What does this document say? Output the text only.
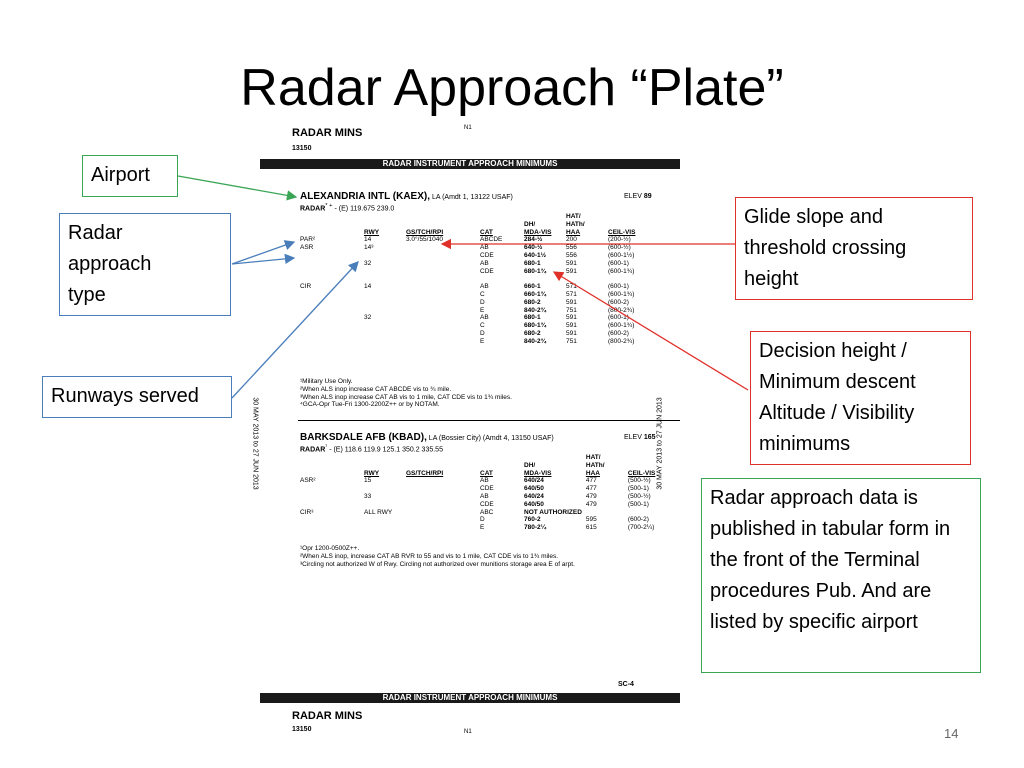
Radar Approach “Plate”
RADAR MINS
13150
N1
RADAR INSTRUMENT APPROACH MINIMUMS
ALEXANDRIA INTL (KAEX), LA (Amdt 1, 13122 USAF)	ELEV 89
RADAR* + - (E) 119.675 239.0
	RWY	GS/TCH/RPI	CAT	DH/
MDA-VIS	HAT/
HATh/
HAA	CEIL-VIS
PAR²	14	3.0°/55/1040	ABCDE	284-½	200	(200-½)
ASR	14³		AB	640-½	556	(600-½)
			CDE	640-1½	556	(600-1½)
	32		AB	680-1	591	(600-1)
			CDE	680-1¾	591	(600-1¾)

CIR	14		AB	660-1	571	(600-1)
			C	660-1¾	571	(600-1¾)
			D	680-2	591	(600-2)
			E	840-2¾	751	(800-2¾)
	32		AB	680-1	591	(600-1)
			C	680-1¾	591	(600-1¾)
			D	680-2	591	(600-2)
			E	840-2¾	751	(800-2¾)
¹Military Use Only.
²When ALS inop increase CAT ABCDE vis to ¾ mile.
³When ALS inop increase CAT AB vis to 1 mile, CAT CDE vis to 1¾ miles.
⁴GCA-Opr Tue-Fri 1300-2200Z++ or by NOTAM.
BARKSDALE AFB (KBAD), LA (Bossier City) (Amdt 4, 13150 USAF)	ELEV 165
$RADAR^{^1} - (E)$ 118.6 119.9 125.1 350.2 335.55
	RWY	GS/TCH/RPI	CAT	DH/
MDA-VIS	HAT/
HATh/
HAA	CEIL-VIS
ASR²	15		AB	640/24	477	(500-½)
			CDE	640/50	477	(500-1)
	33		AB	640/24	479	(500-½)
			CDE	640/50	479	(500-1)
CIR³	ALL RWY		ABC	NOT AUTHORIZED		
			D	760-2	595	(600-2)
			E	780-2¼	615	(700-2¼)
¹Opr 1200-0500Z++.
²When ALS inop, increase CAT AB RVR to 55 and vis to 1 mile, CAT CDE vis to 1¾ miles.
³Circling not authorized W of Rwy. Circling not authorized over munitions storage area E of arpt.
SC-4
RADAR INSTRUMENT APPROACH MINIMUMS
RADAR MINS
13150	N1
30 MAY 2013 to 27 JUN 2013	30 MAY 2013 to 27 JUN 2013
Airport
Radar approach type
Runways served
Glide slope and threshold crossing height
Decision height / Minimum descent Altitude / Visibility minimums
Radar approach data is published in tabular form in the front of the Terminal procedures Pub. And are listed by specific airport
14
